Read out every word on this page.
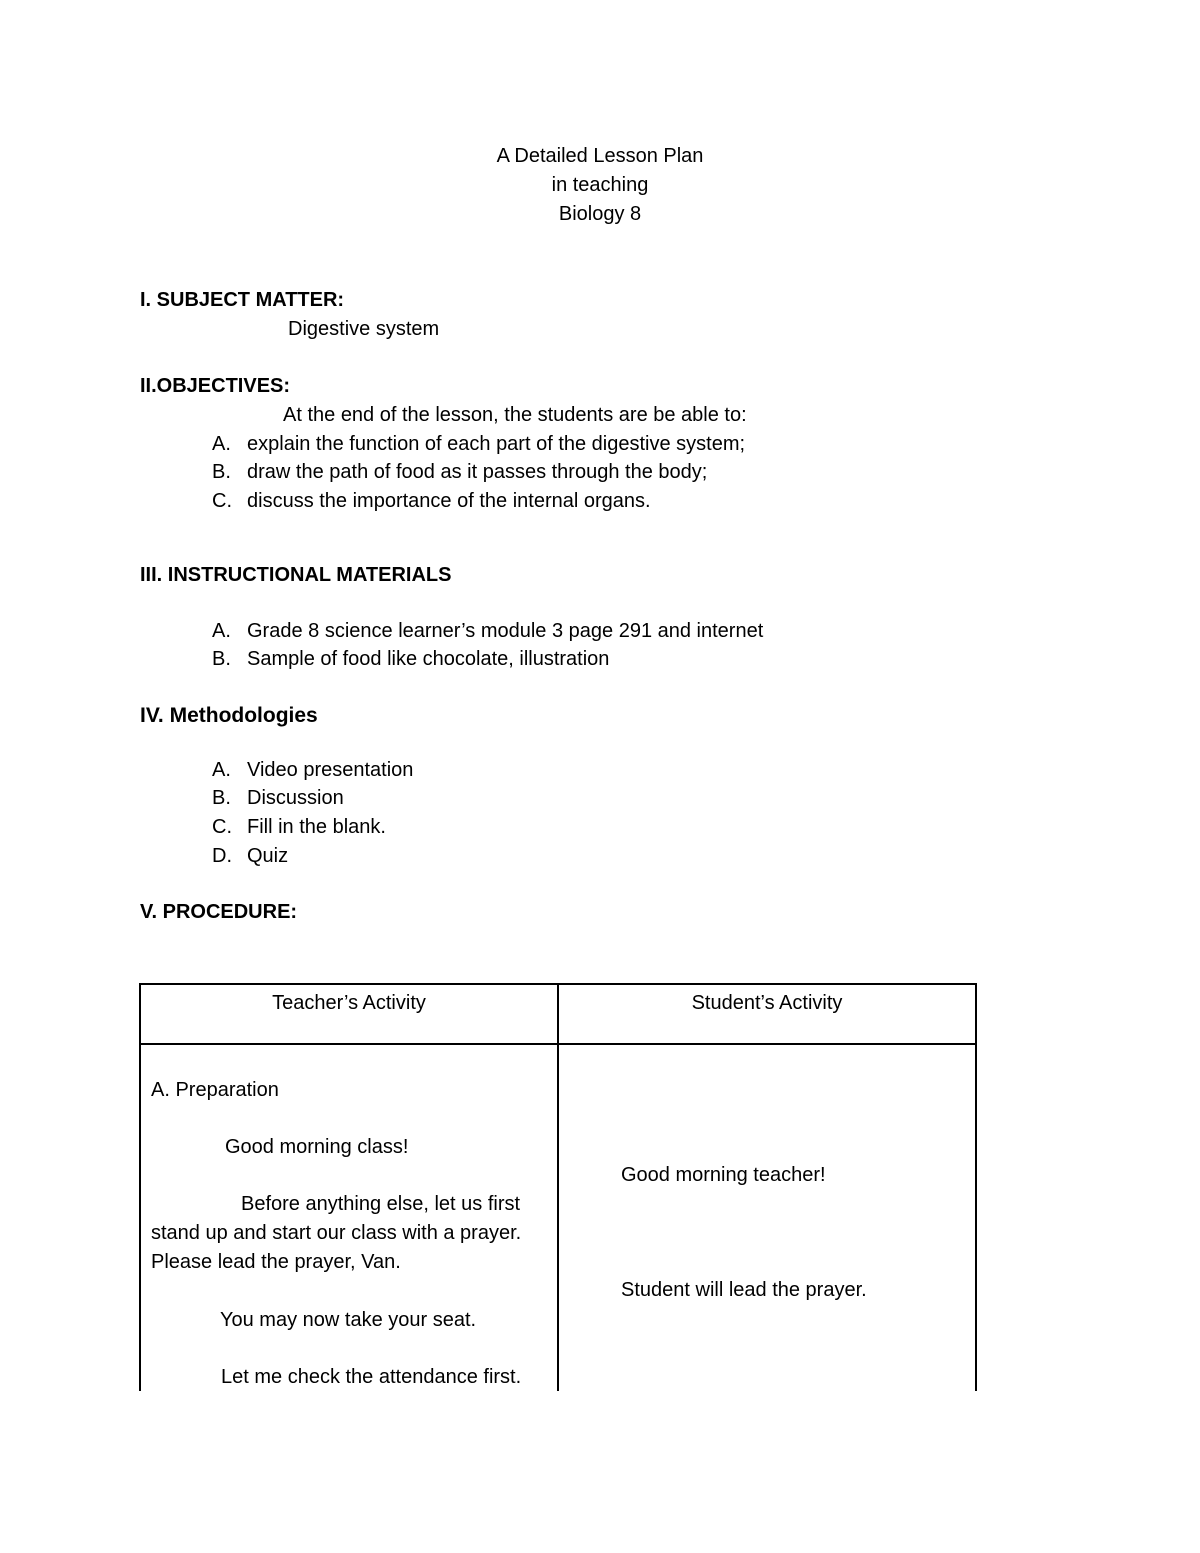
A Detailed Lesson Plan
in teaching
Biology 8
I. SUBJECT MATTER:
Digestive system
II.OBJECTIVES:
At the end of the lesson, the students are be able to:
A. explain the function of each part of the digestive system;
B. draw the path of food as it passes through the body;
C. discuss the importance of the internal organs.
III. INSTRUCTIONAL MATERIALS
A. Grade 8 science learner’s module 3 page 291 and internet
B. Sample of food like chocolate, illustration
IV. Methodologies
A. Video presentation
B. Discussion
C. Fill in the blank.
D. Quiz
V. PROCEDURE:
Teacher’s Activity	Student’s Activity
A. Preparation
Good morning class!
Before anything else, let us first
stand up and start our class with a prayer.
Please lead the prayer, Van.
You may now take your seat.
Let me check the attendance first.
Good morning teacher!
Student will lead the prayer.
